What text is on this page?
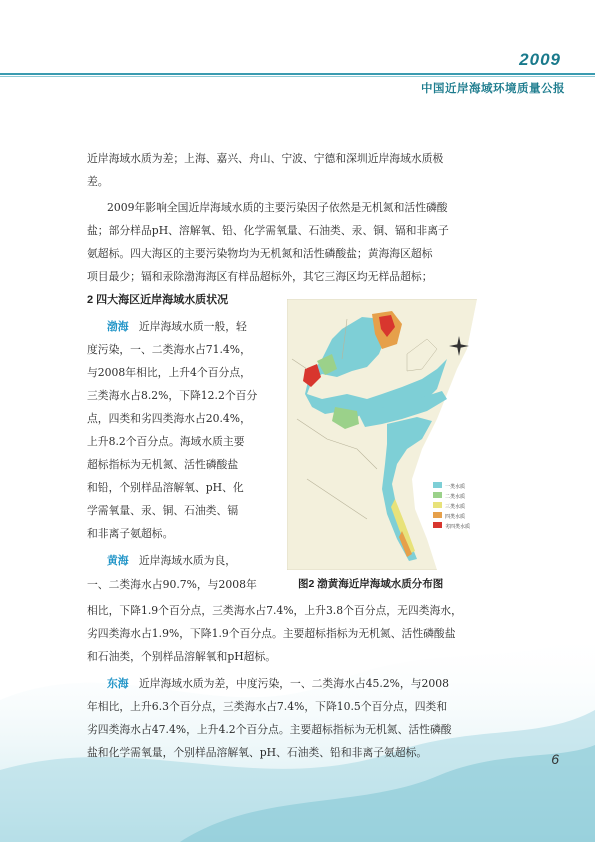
2009
中国近岸海域环境质量公报
近岸海域水质为差；上海、嘉兴、舟山、宁波、宁德和深圳近岸海域水质极
差。
2009年影响全国近岸海域水质的主要污染因子依然是无机氮和活性磷酸
盐；部分样品pH、溶解氧、铅、化学需氧量、石油类、汞、铜、镉和非离子
氨超标。四大海区的主要污染物均为无机氮和活性磷酸盐；黄海海区超标
项目最少；镉和汞除渤海海区有样品超标外，其它三海区均无样品超标；
2 四大海区近岸海域水质状况
渤海 近岸海域水质一般，轻
度污染，一、二类海水占71.4%，
与2008年相比，上升4个百分点，
三类海水占8.2%，下降12.2个百分
点，四类和劣四类海水占20.4%，
上升8.2个百分点。海域水质主要
超标指标为无机氮、活性磷酸盐
和铅，个别样品溶解氧、pH、化
学需氧量、汞、铜、石油类、镉
和非离子氨超标。
黄海 近岸海域水质为良，
一、二类海水占90.7%，与2008年
相比，下降1.9个百分点，三类海水占7.4%，上升3.8个百分点，无四类海水，
劣四类海水占1.9%，下降1.9个百分点。主要超标指标为无机氮、活性磷酸盐
和石油类，个别样品溶解氧和pH超标。
东海 近岸海域水质为差，中度污染，一、二类海水占45.2%，与2008
年相比，上升6.3个百分点，三类海水占7.4%，下降10.5个百分点，四类和
劣四类海水占47.4%，上升4.2个百分点。主要超标指标为无机氮、活性磷酸
盐和化学需氧量，个别样品溶解氧、pH、石油类、铅和非离子氨超标。
一类水质
二类水质
三类水质
四类水质
劣四类水质
图2 渤黄海近岸海域水质分布图
6
